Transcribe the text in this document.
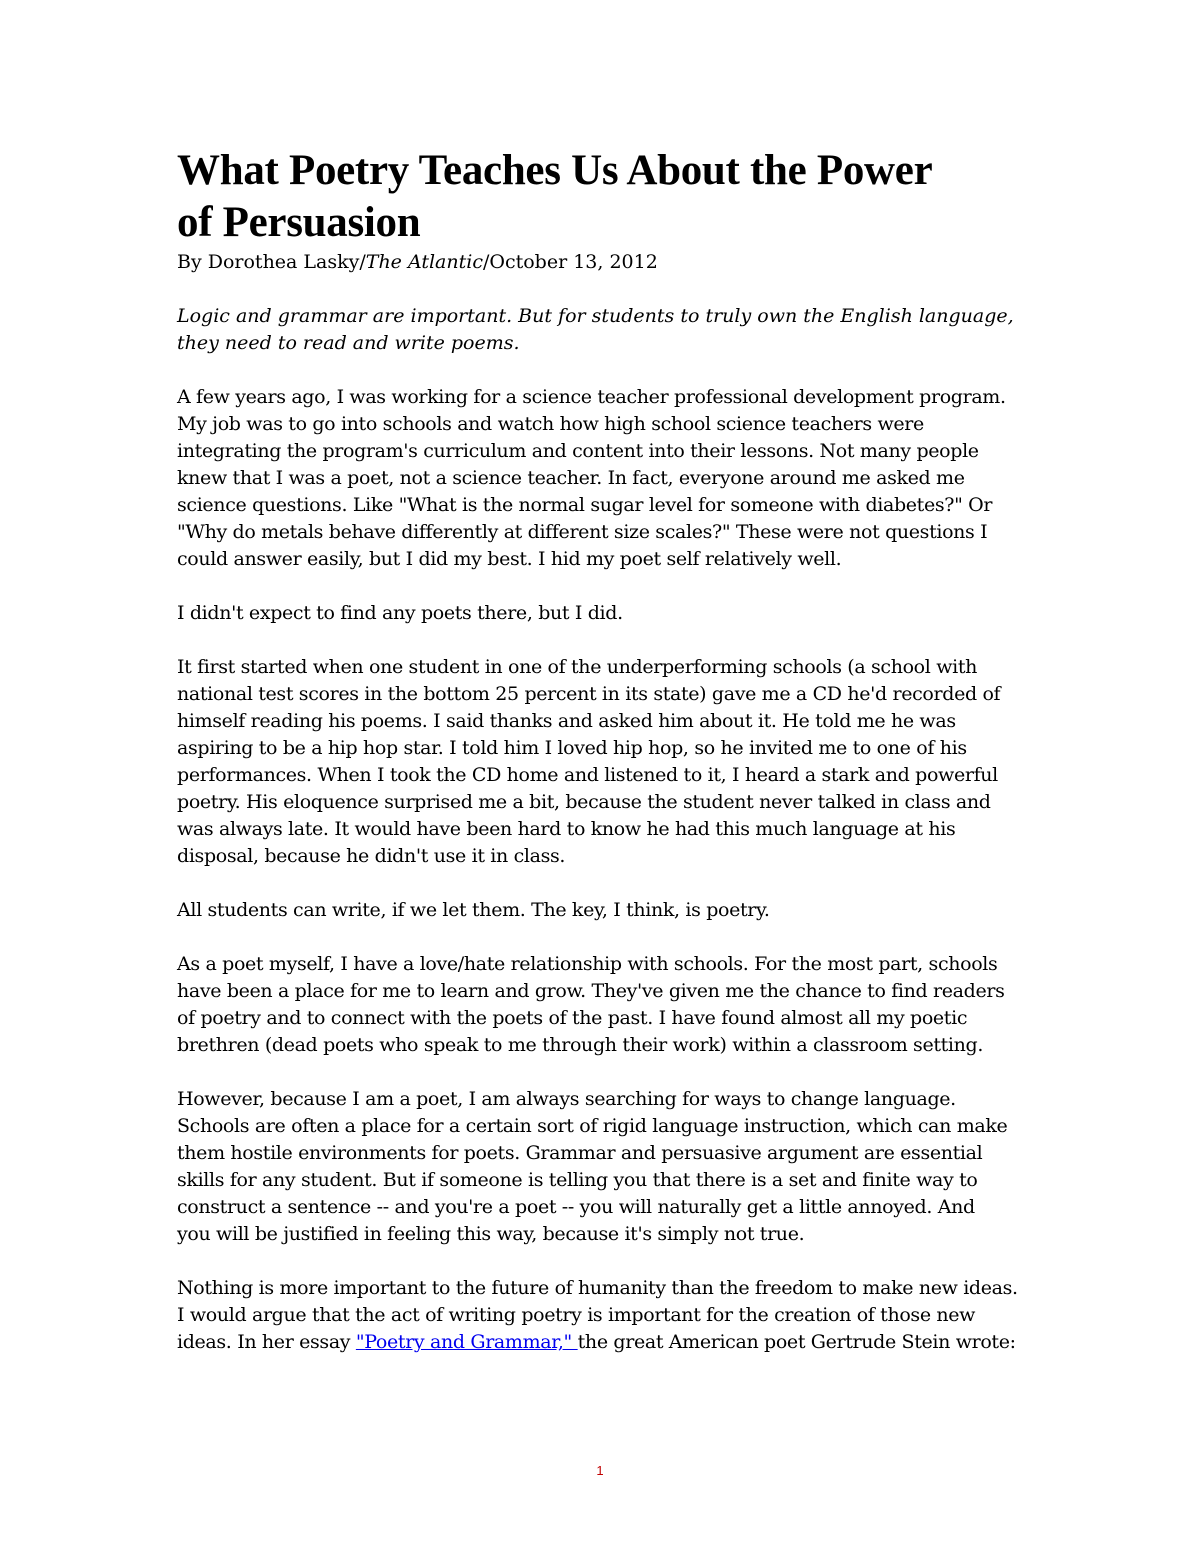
What Poetry Teaches Us About the Power
of Persuasion

By Dorothea Lasky/The Atlantic/October 13, 2012

Logic and grammar are important. But for students to truly own the English language,
they need to read and write poems.

A few years ago, I was working for a science teacher professional development program.
My job was to go into schools and watch how high school science teachers were
integrating the program's curriculum and content into their lessons. Not many people
knew that I was a poet, not a science teacher. In fact, everyone around me asked me
science questions. Like "What is the normal sugar level for someone with diabetes?" Or
"Why do metals behave differently at different size scales?" These were not questions I
could answer easily, but I did my best. I hid my poet self relatively well.

I didn't expect to find any poets there, but I did.

It first started when one student in one of the underperforming schools (a school with
national test scores in the bottom 25 percent in its state) gave me a CD he'd recorded of
himself reading his poems. I said thanks and asked him about it. He told me he was
aspiring to be a hip hop star. I told him I loved hip hop, so he invited me to one of his
performances. When I took the CD home and listened to it, I heard a stark and powerful
poetry. His eloquence surprised me a bit, because the student never talked in class and
was always late. It would have been hard to know he had this much language at his
disposal, because he didn't use it in class.

All students can write, if we let them. The key, I think, is poetry.

As a poet myself, I have a love/hate relationship with schools. For the most part, schools
have been a place for me to learn and grow. They've given me the chance to find readers
of poetry and to connect with the poets of the past. I have found almost all my poetic
brethren (dead poets who speak to me through their work) within a classroom setting.

However, because I am a poet, I am always searching for ways to change language.
Schools are often a place for a certain sort of rigid language instruction, which can make
them hostile environments for poets. Grammar and persuasive argument are essential
skills for any student. But if someone is telling you that there is a set and finite way to
construct a sentence -- and you're a poet -- you will naturally get a little annoyed. And
you will be justified in feeling this way, because it's simply not true.

Nothing is more important to the future of humanity than the freedom to make new ideas.
I would argue that the act of writing poetry is important for the creation of those new
ideas. In her essay "Poetry and Grammar," the great American poet Gertrude Stein wrote:

1
